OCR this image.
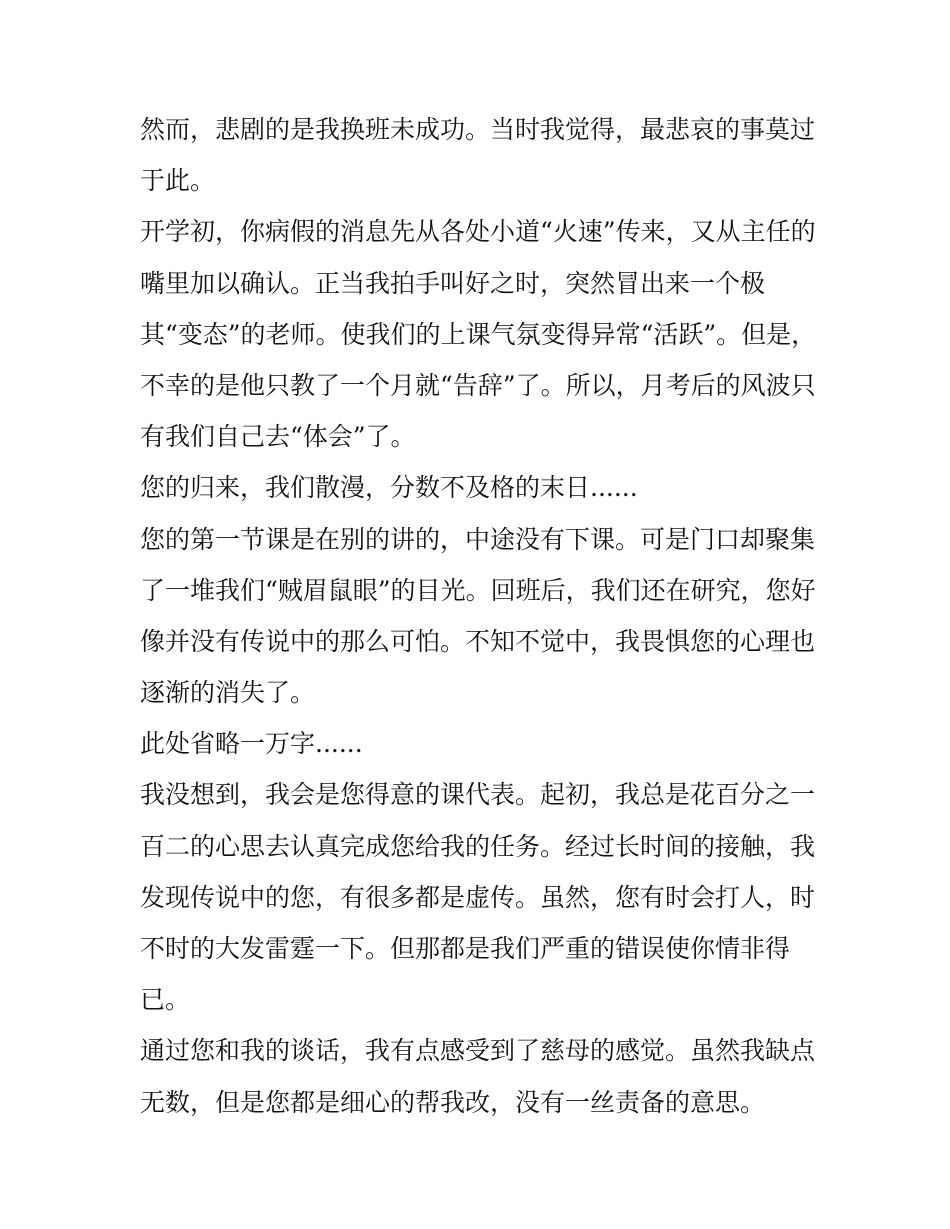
然而，悲剧的是我换班未成功。当时我觉得，最悲哀的事莫过
于此。
开学初，你病假的消息先从各处小道“火速”传来，又从主任的
嘴里加以确认。正当我拍手叫好之时，突然冒出来一个极
其“变态”的老师。使我们的上课气氛变得异常“活跃”。但是，
不幸的是他只教了一个月就“告辞”了。所以，月考后的风波只
有我们自己去“体会”了。
您的归来，我们散漫，分数不及格的末日......
您的第一节课是在别的讲的，中途没有下课。可是门口却聚集
了一堆我们“贼眉鼠眼”的目光。回班后，我们还在研究，您好
像并没有传说中的那么可怕。不知不觉中，我畏惧您的心理也
逐渐的消失了。
此处省略一万字......
我没想到，我会是您得意的课代表。起初，我总是花百分之一
百二的心思去认真完成您给我的任务。经过长时间的接触，我
发现传说中的您，有很多都是虚传。虽然，您有时会打人，时
不时的大发雷霆一下。但那都是我们严重的错误使你情非得
已。
通过您和我的谈话，我有点感受到了慈母的感觉。虽然我缺点
无数，但是您都是细心的帮我改，没有一丝责备的意思。
